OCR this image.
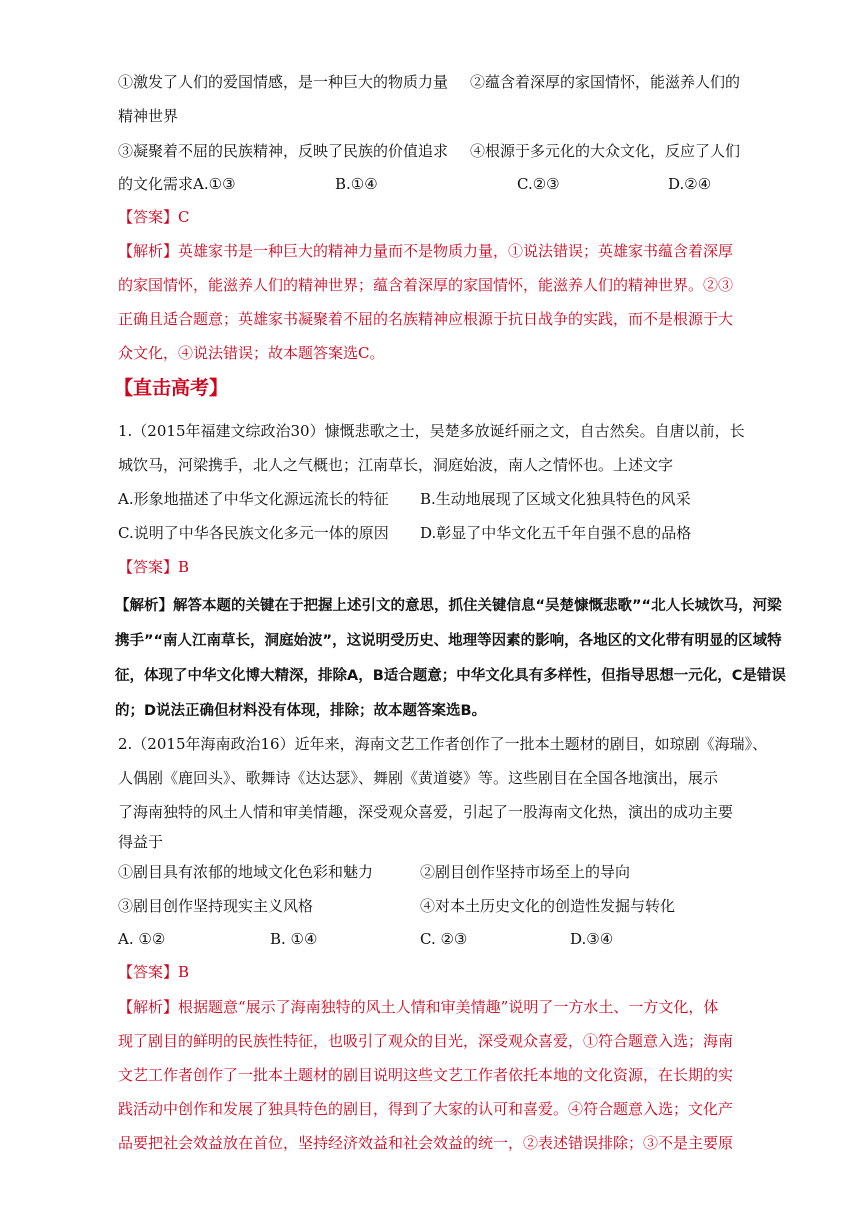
①激发了人们的爱国情感，是一种巨大的物质力量 ②蕴含着深厚的家国情怀，能滋养人们的
精神世界
③凝聚着不屈的民族精神，反映了民族的价值追求 ④根源于多元化的大众文化，反应了人们
的文化需求A.①③	B.①④	C.②③	D.②④
【答案】C
【解析】英雄家书是一种巨大的精神力量而不是物质力量，①说法错误；英雄家书蕴含着深厚
的家国情怀，能滋养人们的精神世界；蕴含着深厚的家国情怀，能滋养人们的精神世界。②③
正确且适合题意；英雄家书凝聚着不屈的名族精神应根源于抗日战争的实践，而不是根源于大
众文化，④说法错误；故本题答案选C。
【直击高考】
1.（2015年福建文综政治30）慷慨悲歌之士，吴楚多放诞纤丽之文，自古然矣。自唐以前，长
城饮马，河梁携手，北人之气概也；江南草长，洞庭始波，南人之情怀也。上述文字
A.形象地描述了中华文化源远流长的特征 B.生动地展现了区域文化独具特色的风采
C.说明了中华各民族文化多元一体的原因 D.彰显了中华文化五千年自强不息的品格
【答案】B
【解析】解答本题的关键在于把握上述引文的意思，抓住关键信息“吴楚慷慨悲歌”“北人长城饮马，河梁
携手”“南人江南草长，洞庭始波”，这说明受历史、地理等因素的影响，各地区的文化带有明显的区域特
征，体现了中华文化博大精深，排除A，B适合题意；中华文化具有多样性，但指导思想一元化，C是错误
的；D说法正确但材料没有体现，排除；故本题答案选B。
2.（2015年海南政治16）近年来，海南文艺工作者创作了一批本土题材的剧目，如琼剧《海瑞》、
人偶剧《鹿回头》、歌舞诗《达达瑟》、舞剧《黄道婆》等。这些剧目在全国各地演出，展示
了海南独特的风土人情和审美情趣，深受观众喜爱，引起了一股海南文化热，演出的成功主要
得益于
①剧目具有浓郁的地域文化色彩和魅力	②剧目创作坚持市场至上的导向
③剧目创作坚持现实主义风格	④对本土历史文化的创造性发掘与转化
A. ①②	B. ①④	C. ②③	D.③④
【答案】B
【解析】根据题意“展示了海南独特的风土人情和审美情趣”说明了一方水土、一方文化，体
现了剧目的鲜明的民族性特征，也吸引了观众的目光，深受观众喜爱，①符合题意入选；海南
文艺工作者创作了一批本土题材的剧目说明这些文艺工作者依托本地的文化资源，在长期的实
践活动中创作和发展了独具特色的剧目，得到了大家的认可和喜爱。④符合题意入选；文化产
品要把社会效益放在首位，坚持经济效益和社会效益的统一，②表述错误排除；③不是主要原
